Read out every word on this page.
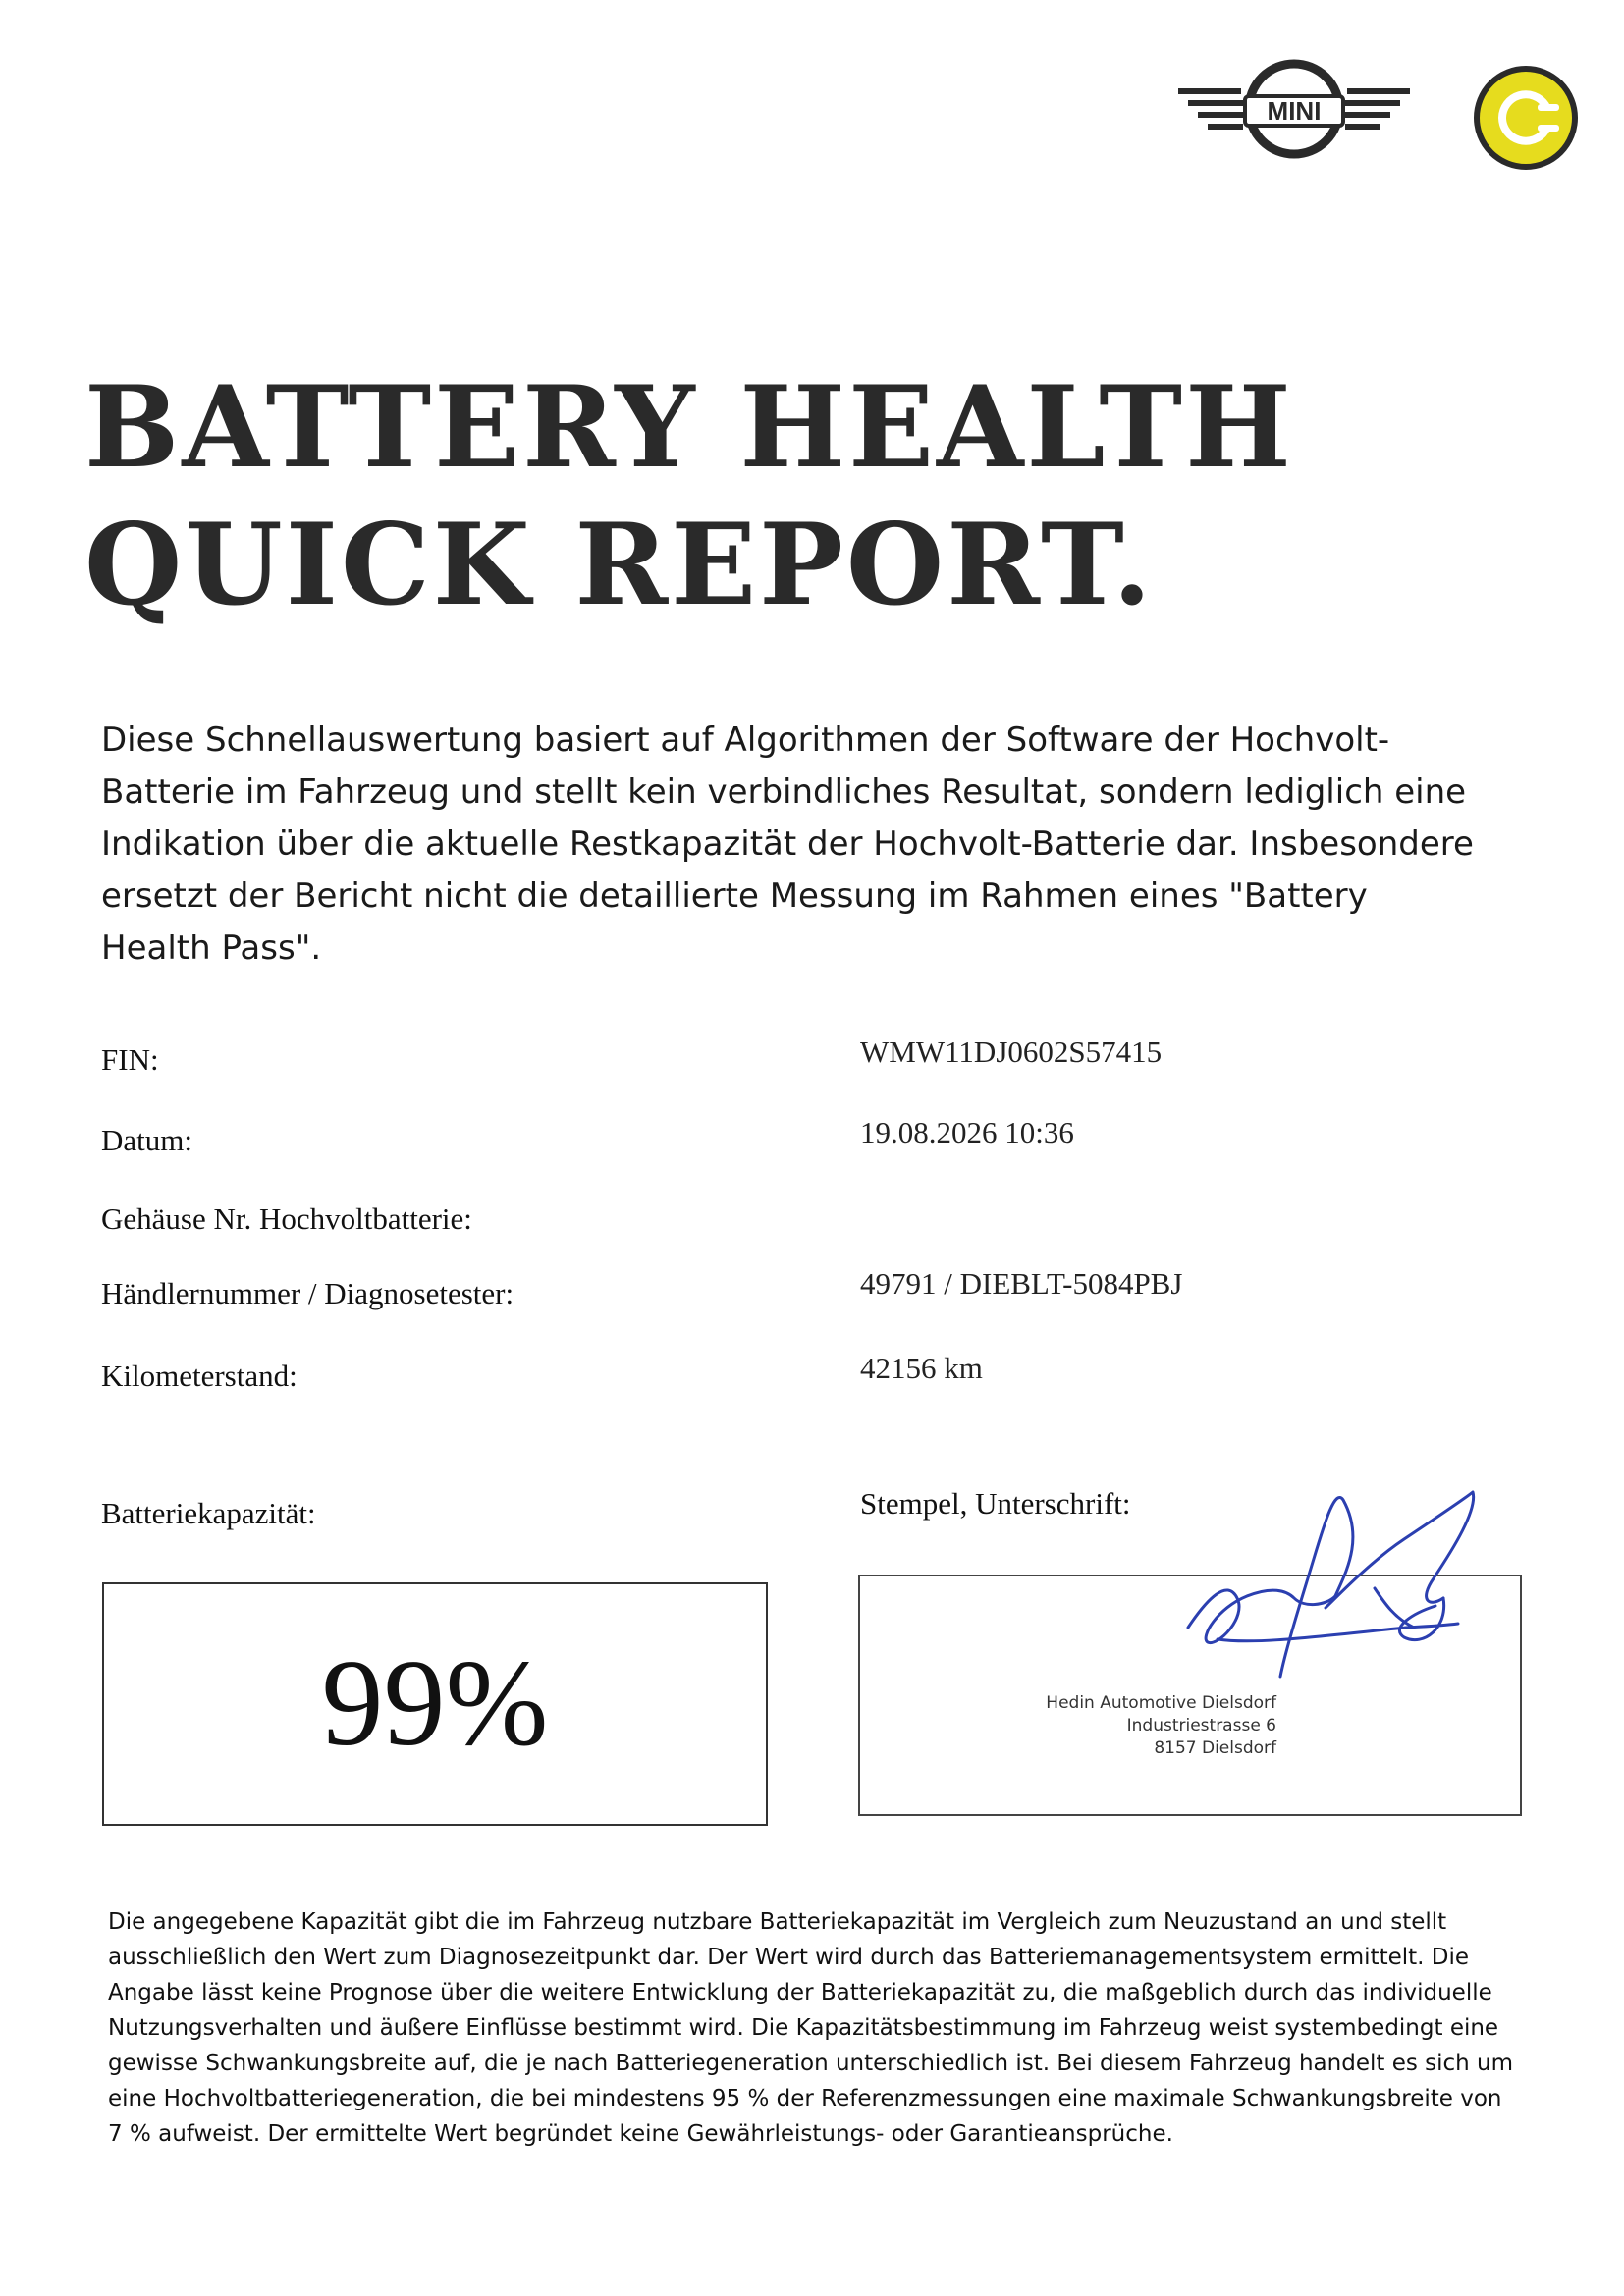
MINI
BATTERY HEALTH
QUICK REPORT.
Diese Schnellauswertung basiert auf Algorithmen der Software der Hochvolt-Batterie im Fahrzeug und stellt kein verbindliches Resultat, sondern lediglich eine Indikation über die aktuelle Restkapazität der Hochvolt-Batterie dar. Insbesondere ersetzt der Bericht nicht die detaillierte Messung im Rahmen eines "Battery Health Pass".
FIN:	WMW11DJ0602S57415
Datum:	19.08.2026 10:36
Gehäuse Nr. Hochvoltbatterie:
Händlernummer / Diagnosetester:	49791 / DIEBLT-5084PBJ
Kilometerstand:	42156 km
Batteriekapazität:
99%
Stempel, Unterschrift:
Hedin Automotive Dielsdorf
Industriestrasse 6
8157 Dielsdorf
Die angegebene Kapazität gibt die im Fahrzeug nutzbare Batteriekapazität im Vergleich zum Neuzustand an und stellt ausschließlich den Wert zum Diagnosezeitpunkt dar. Der Wert wird durch das Batteriemanagementsystem ermittelt. Die Angabe lässt keine Prognose über die weitere Entwicklung der Batteriekapazität zu, die maßgeblich durch das individuelle Nutzungsverhalten und äußere Einflüsse bestimmt wird. Die Kapazitätsbestimmung im Fahrzeug weist systembedingt eine gewisse Schwankungsbreite auf, die je nach Batteriegeneration unterschiedlich ist. Bei diesem Fahrzeug handelt es sich um eine Hochvoltbatteriegeneration, die bei mindestens 95 % der Referenzmessungen eine maximale Schwankungsbreite von 7 % aufweist. Der ermittelte Wert begründet keine Gewährleistungs- oder Garantieansprüche.
